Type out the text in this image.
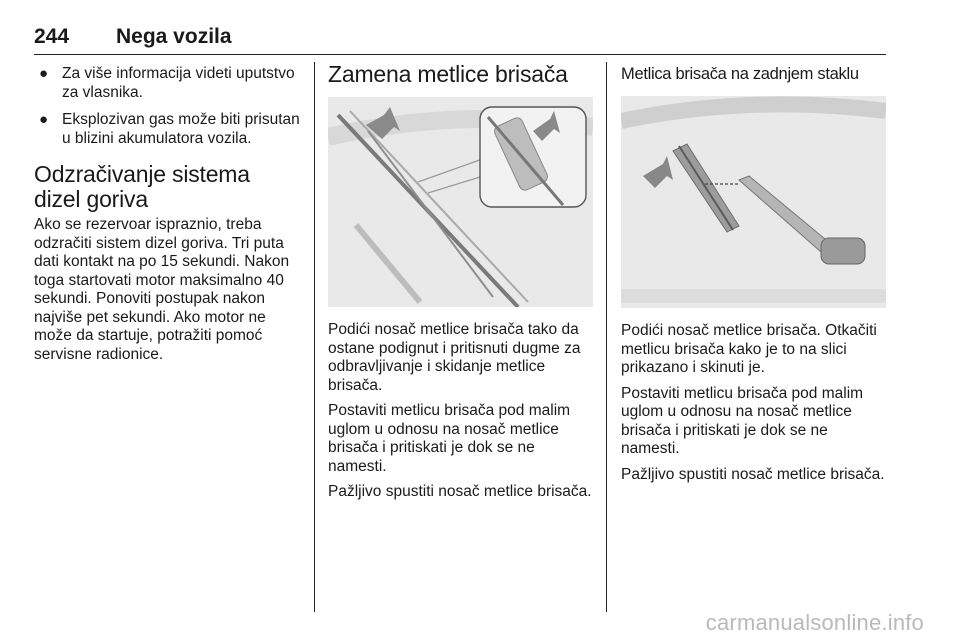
244 Nega vozila
● Za više informacija videti uputstvo za vlasnika.
● Eksplozivan gas može biti prisutan u blizini akumulatora vozila.
Odzračivanje sistema dizel goriva

Ako se rezervoar ispraznio, treba odzračiti sistem dizel goriva. Tri puta dati kontakt na po 15 sekundi. Nakon toga startovati motor maksimalno 40 sekundi. Ponoviti postupak nakon najviše pet sekundi. Ako motor ne može da startuje, potražiti pomoć servisne radionice.

Zamena metlice brisača

Podići nosač metlice brisača tako da ostane podignut i pritisnuti dugme za odbravljivanje i skidanje metlice brisača.

Postaviti metlicu brisača pod malim uglom u odnosu na nosač metlice brisača i pritiskati je dok se ne namesti.

Pažljivo spustiti nosač metlice brisača.

Metlica brisača na zadnjem staklu

Podići nosač metlice brisača. Otkačiti metlicu brisača kako je to na slici prikazano i skinuti je.

Postaviti metlicu brisača pod malim uglom u odnosu na nosač metlice brisača i pritiskati je dok se ne namesti.

Pažljivo spustiti nosač metlice brisača.

carmanualsonline.info
